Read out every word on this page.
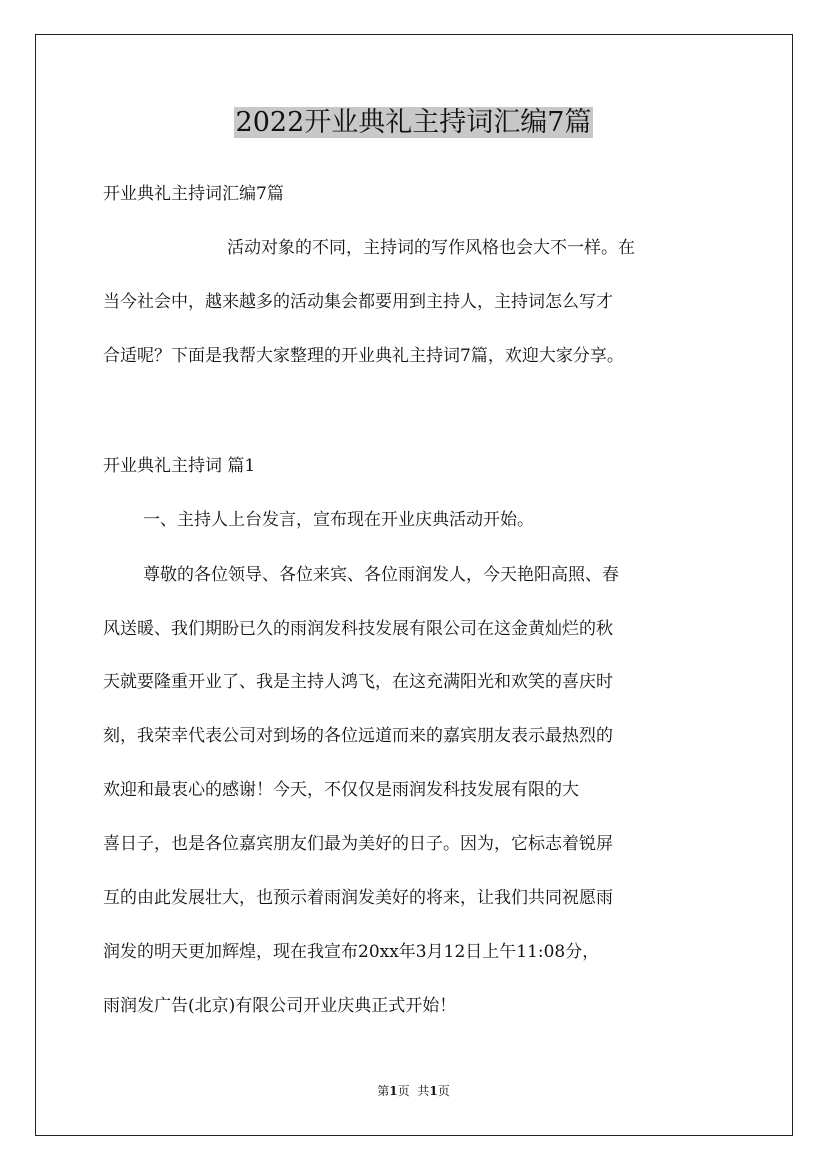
2022开业典礼主持词汇编7篇
开业典礼主持词汇编7篇
活动对象的不同，主持词的写作风格也会大不一样。在
当今社会中，越来越多的活动集会都要用到主持人，主持词怎么写才
合适呢？下面是我帮大家整理的开业典礼主持词7篇，欢迎大家分享。
开业典礼主持词 篇1
一、主持人上台发言，宣布现在开业庆典活动开始。
尊敬的各位领导、各位来宾、各位雨润发人，今天艳阳高照、春
风送暖、我们期盼已久的雨润发科技发展有限公司在这金黄灿烂的秋
天就要隆重开业了、我是主持人鸿飞，在这充满阳光和欢笑的喜庆时
刻，我荣幸代表公司对到场的各位远道而来的嘉宾朋友表示最热烈的
欢迎和最衷心的感谢！今天，不仅仅是雨润发科技发展有限的大
喜日子，也是各位嘉宾朋友们最为美好的日子。因为，它标志着锐屏
互的由此发展壮大，也预示着雨润发美好的将来，让我们共同祝愿雨
润发的明天更加辉煌，现在我宣布20xx年3月12日上午11:08分，
雨润发广告(北京)有限公司开业庆典正式开始！
第1页 共1页
